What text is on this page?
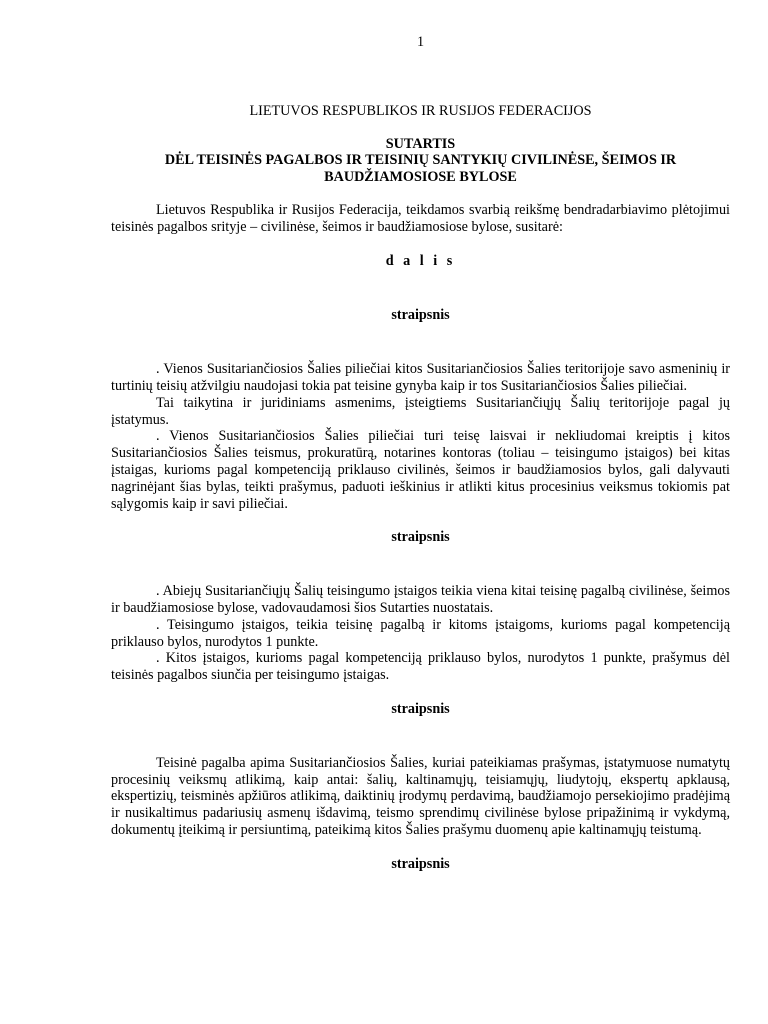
1
LIETUVOS RESPUBLIKOS IR RUSIJOS FEDERACIJOS
SUTARTIS
DĖL TEISINĖS PAGALBOS IR TEISINIŲ SANTYKIŲ CIVILINĖSE, ŠEIMOS IR
BAUDŽIAMOSIOSE BYLOSE

Lietuvos Respublika ir Rusijos Federacija, teikdamos svarbią reikšmę bendradarbiavimo plėtojimui teisinės pagalbos srityje – civilinėse, šeimos ir baudžiamosiose bylose, susitarė:

d a l i s
straipsnis

. Vienos Susitariančiosios Šalies piliečiai kitos Susitariančiosios Šalies teritorijoje savo asmeninių ir turtinių teisių atžvilgiu naudojasi tokia pat teisine gynyba kaip ir tos Susitariančiosios Šalies piliečiai.

Tai taikytina ir juridiniams asmenims, įsteigtiems Susitariančiųjų Šalių teritorijoje pagal jų įstatymus.

. Vienos Susitariančiosios Šalies piliečiai turi teisę laisvai ir nekliudomai kreiptis į kitos Susitariančiosios Šalies teismus, prokuratūrą, notarines kontoras (toliau – teisingumo įstaigos) bei kitas įstaigas, kurioms pagal kompetenciją priklauso civilinės, šeimos ir baudžiamosios bylos, gali dalyvauti nagrinėjant šias bylas, teikti prašymus, paduoti ieškinius ir atlikti kitus procesinius veiksmus tokiomis pat sąlygomis kaip ir savi piliečiai.

straipsnis

. Abiejų Susitariančiųjų Šalių teisingumo įstaigos teikia viena kitai teisinę pagalbą civilinėse, šeimos ir baudžiamosiose bylose, vadovaudamosi šios Sutarties nuostatais.

. Teisingumo įstaigos, teikia teisinę pagalbą ir kitoms įstaigoms, kurioms pagal kompetenciją priklauso bylos, nurodytos 1 punkte.

. Kitos įstaigos, kurioms pagal kompetenciją priklauso bylos, nurodytos 1 punkte, prašymus dėl teisinės pagalbos siunčia per teisingumo įstaigas.

straipsnis

Teisinė pagalba apima Susitariančiosios Šalies, kuriai pateikiamas prašymas, įstatymuose numatytų procesinių veiksmų atlikimą, kaip antai: šalių, kaltinamųjų, teisiamųjų, liudytojų, ekspertų apklausą, ekspertizių, teisminės apžiūros atlikimą, daiktinių įrodymų perdavimą, baudžiamojo persekiojimo pradėjimą ir nusikaltimus padariusių asmenų išdavimą, teismo sprendimų civilinėse bylose pripažinimą ir vykdymą, dokumentų įteikimą ir persiuntimą, pateikimą kitos Šalies prašymu duomenų apie kaltinamųjų teistumą.

straipsnis
